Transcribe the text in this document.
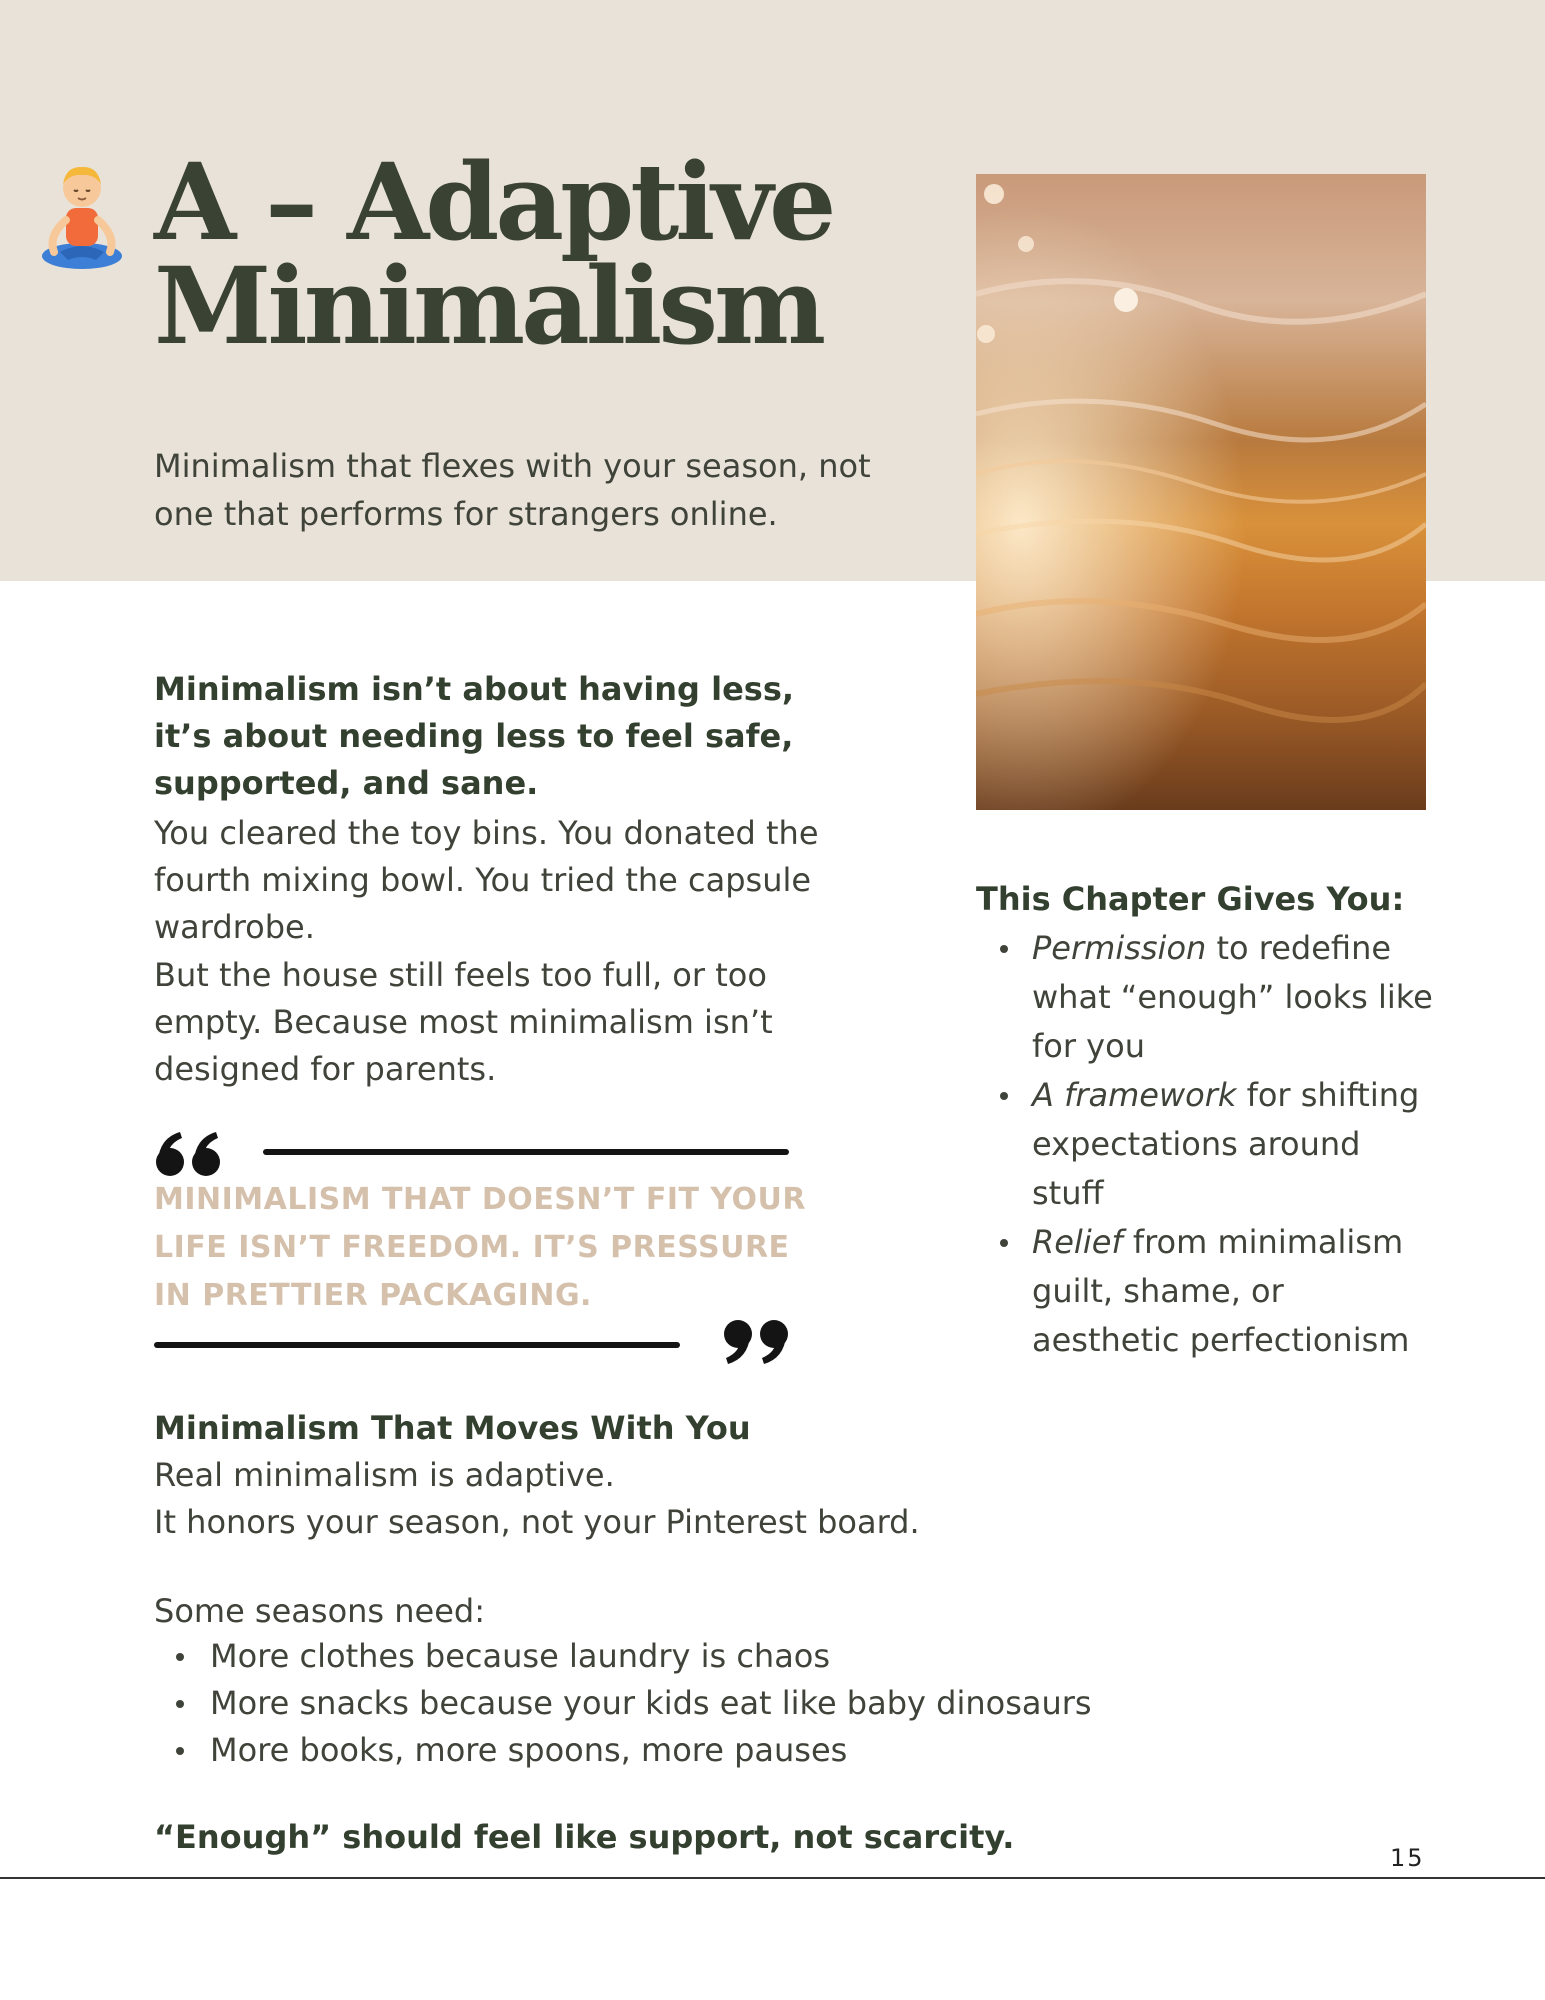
A – Adaptive Minimalism

Minimalism that flexes with your season, not one that performs for strangers online.

Minimalism isn’t about having less, it’s about needing less to feel safe, supported, and sane.

You cleared the toy bins. You donated the fourth mixing bowl. You tried the capsule wardrobe.

But the house still feels too full, or too empty. Because most minimalism isn’t designed for parents.

MINIMALISM THAT DOESN’T FIT YOUR LIFE ISN’T FREEDOM. IT’S PRESSURE IN PRETTIER PACKAGING.

Minimalism That Moves With You

Real minimalism is adaptive.
It honors your season, not your Pinterest board.

Some seasons need:

More clothes because laundry is chaos
More snacks because your kids eat like baby dinosaurs
More books, more spoons, more pauses

“Enough” should feel like support, not scarcity.

This Chapter Gives You:
Permission to redefine what “enough” looks like for you
A framework for shifting expectations around stuff
Relief from minimalism guilt, shame, or aesthetic perfectionism
15
